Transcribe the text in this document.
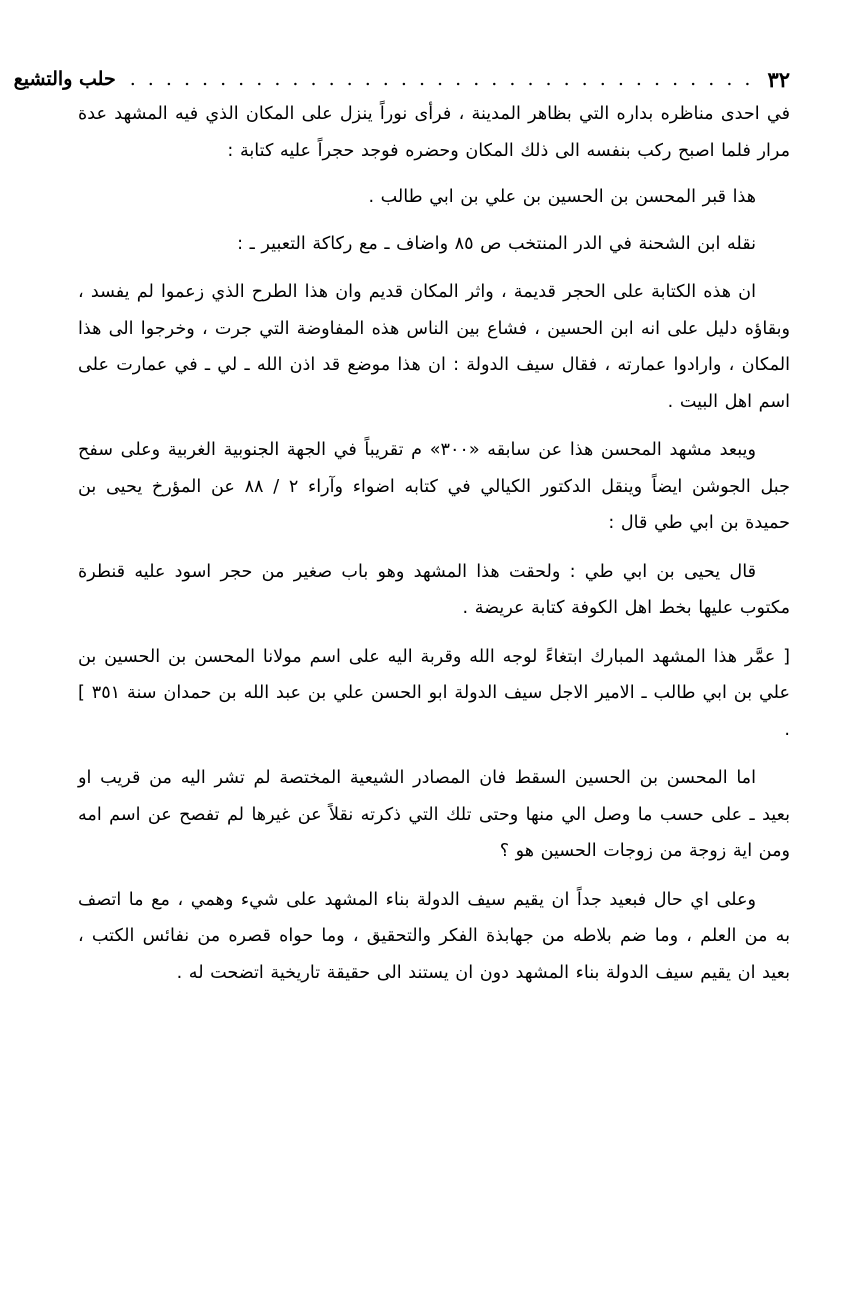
٣٢
. . . . . . . . . . . . . . . . . . . . . . . . . . . . . . . . . . .
حلب والتشيع

في احدى مناظره بداره التي بظاهر المدينة ، فرأى نوراً ينزل على المكان الذي فيه المشهد عدة مرار فلما اصبح ركب بنفسه الى ذلك المكان وحضره فوجد حجراً عليه كتابة :

هذا قبر المحسن بن الحسين بن علي بن ابي طالب .

نقله ابن الشحنة في الدر المنتخب ص ٨٥ واضاف ـ مع ركاكة التعبير ـ :

ان هذه الكتابة على الحجر قديمة ، واثر المكان قديم وان هذا الطرح الذي زعموا لم يفسد ، وبقاؤه دليل على انه ابن الحسين ، فشاع بين الناس هذه المفاوضة التي جرت ، وخرجوا الى هذا المكان ، وارادوا عمارته ، فقال سيف الدولة : ان هذا موضع قد اذن الله ـ لي ـ في عمارت على اسم اهل البيت .

ويبعد مشهد المحسن هذا عن سابقه «٣٠٠» م تقريباً في الجهة الجنوبية الغربية وعلى سفح جبل الجوشن ايضاً وينقل الدكتور الكيالي في كتابه اضواء وآراء ٢ / ٨٨ عن المؤرخ يحيى بن حميدة بن ابي طي قال :

قال يحيى بن ابي طي : ولحقت هذا المشهد وهو باب صغير من حجر اسود عليه قنطرة مكتوب عليها بخط اهل الكوفة كتابة عريضة .

[ عمَّر هذا المشهد المبارك ابتغاءً لوجه الله وقربة اليه على اسم مولانا المحسن بن الحسين بن علي بن ابي طالب ـ الامير الاجل سيف الدولة ابو الحسن علي بن عبد الله بن حمدان سنة ٣٥١ ] .

اما المحسن بن الحسين السقط فان المصادر الشيعية المختصة لم تشر اليه من قريب او بعيد ـ على حسب ما وصل الي منها وحتى تلك التي ذكرته نقلاً عن غيرها لم تفصح عن اسم امه ومن اية زوجة من زوجات الحسين هو ؟

وعلى اي حال فبعيد جداً ان يقيم سيف الدولة بناء المشهد على شيء وهمي ، مع ما اتصف به من العلم ، وما ضم بلاطه من جهابذة الفكر والتحقيق ، وما حواه قصره من نفائس الكتب ، بعيد ان يقيم سيف الدولة بناء المشهد دون ان يستند الى حقيقة تاريخية اتضحت له .
